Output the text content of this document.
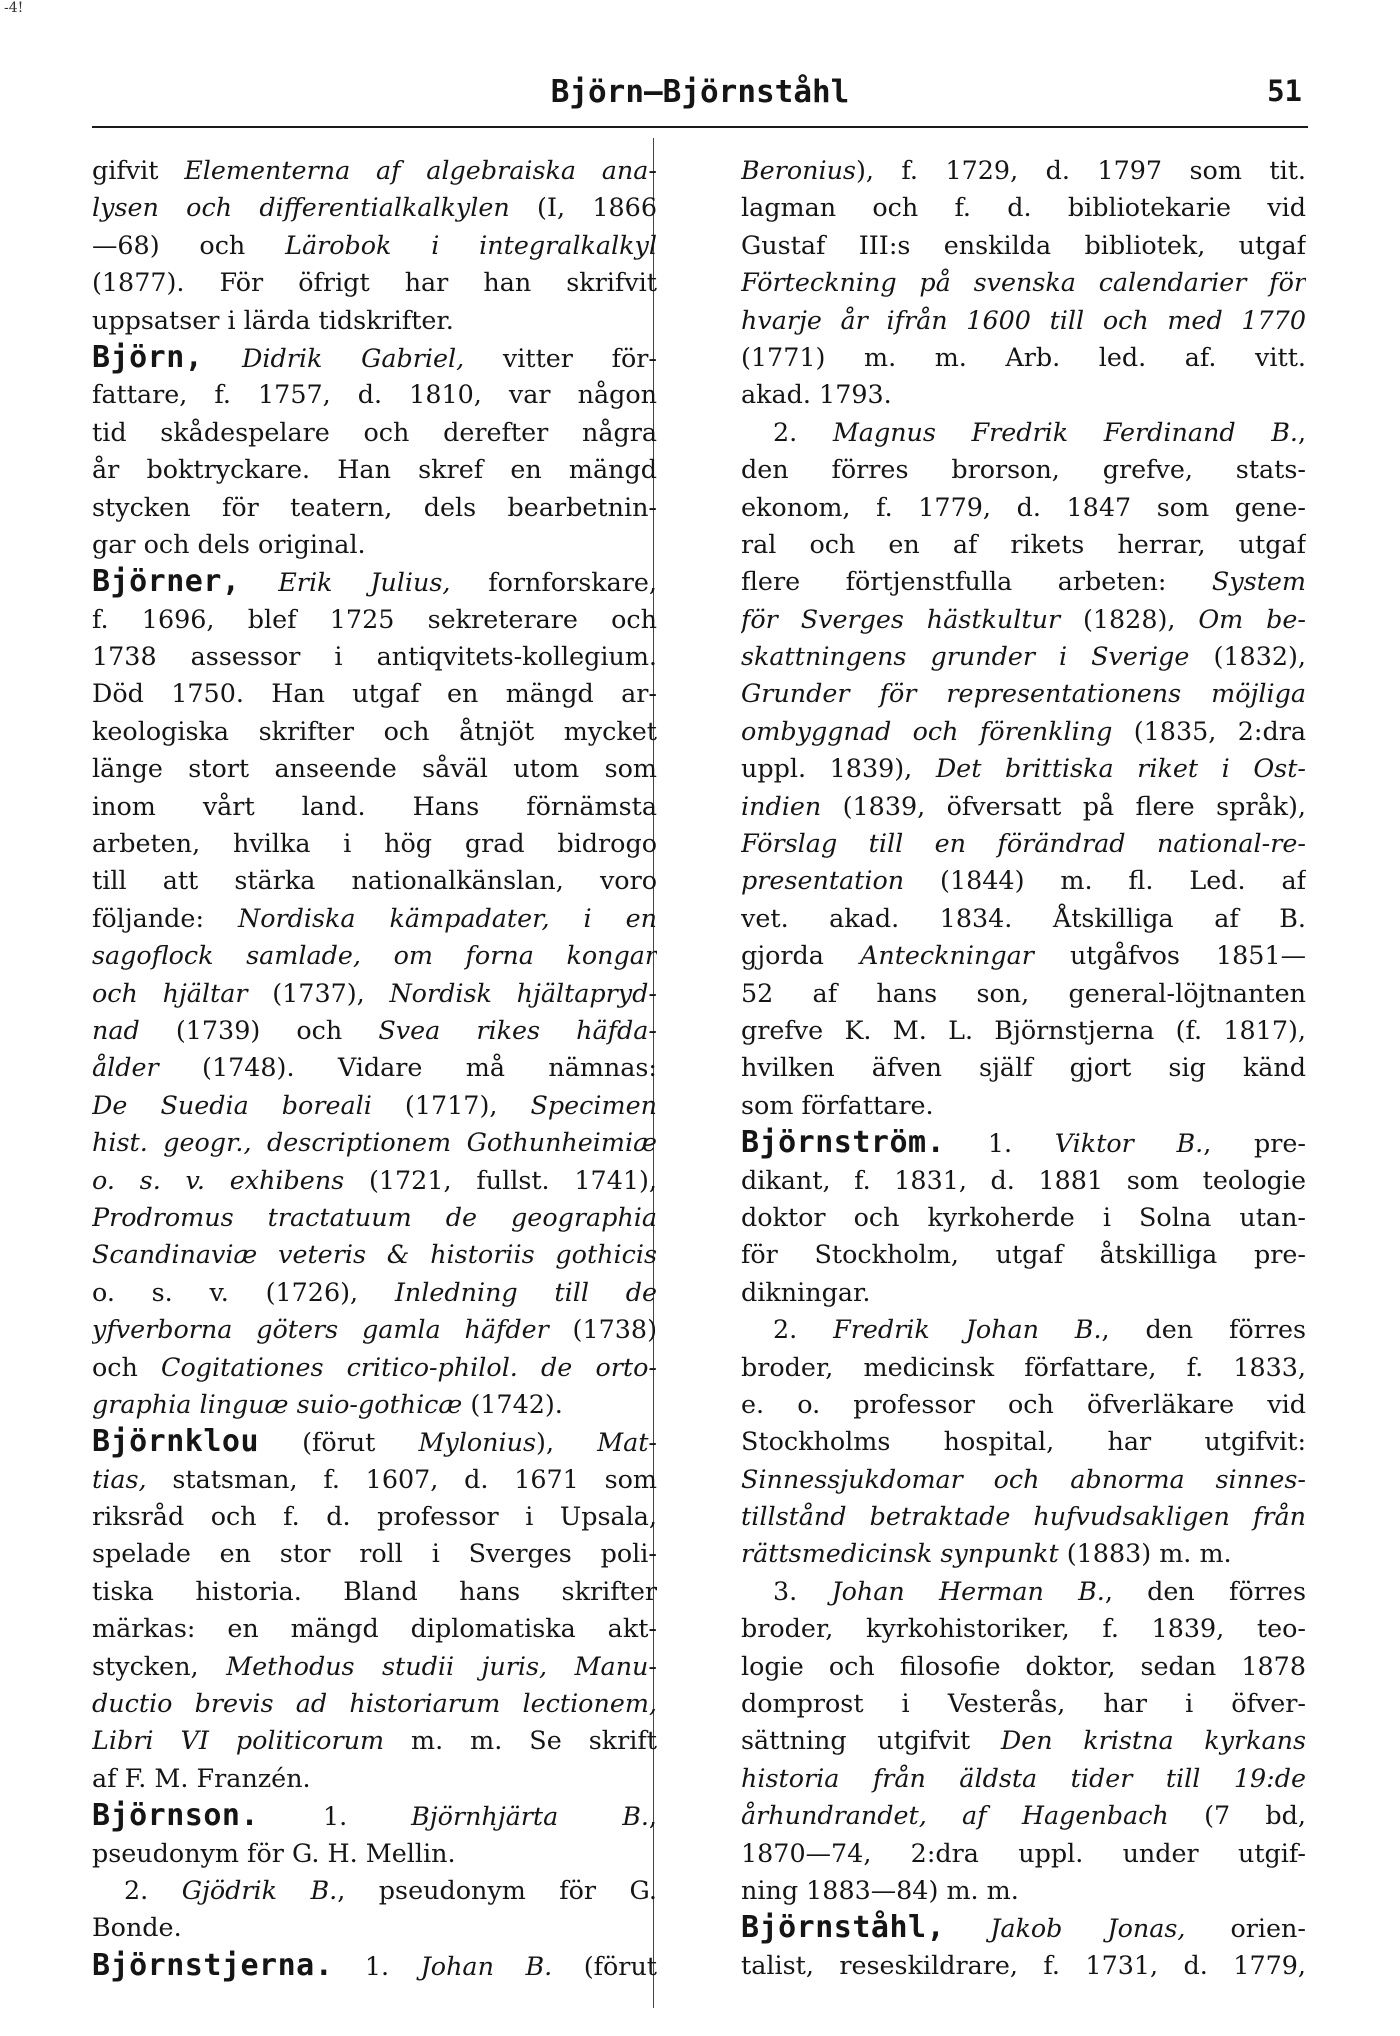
-4!
Björn—Björnståhl	51
gifvit Elementerna af algebraiska ana-
lysen och differentialkalkylen (I, 1866
—68) och Lärobok i integralkalkyl
(1877). För öfrigt har han skrifvit
uppsatser i lärda tidskrifter.
Björn, Didrik Gabriel, vitter för-
fattare, f. 1757, d. 1810, var någon
tid skådespelare och derefter några
år boktryckare. Han skref en mängd
stycken för teatern, dels bearbetnin-
gar och dels original.
Björner, Erik Julius, fornforskare,
f. 1696, blef 1725 sekreterare och
1738 assessor i antiqvitets-kollegium.
Död 1750. Han utgaf en mängd ar-
keologiska skrifter och åtnjöt mycket
länge stort anseende såväl utom som
inom vårt land. Hans förnämsta
arbeten, hvilka i hög grad bidrogo
till att stärka nationalkänslan, voro
följande: Nordiska kämpadater, i en
sagoflock samlade, om forna kongar
och hjältar (1737), Nordisk hjältapryd-
nad (1739) och Svea rikes häfda-
ålder (1748). Vidare må nämnas:
De Suedia boreali (1717), Specimen
hist. geogr., descriptionem Gothunheimiæ
o. s. v. exhibens (1721, fullst. 1741),
Prodromus tractatuum de geographia
Scandinaviæ veteris & historiis gothicis
o. s. v. (1726), Inledning till de
yfverborna göters gamla häfder (1738)
och Cogitationes critico-philol. de orto-
graphia linguæ suio-gothicæ (1742).
Björnklou (förut Mylonius), Mat-
tias, statsman, f. 1607, d. 1671 som
riksråd och f. d. professor i Upsala,
spelade en stor roll i Sverges poli-
tiska historia. Bland hans skrifter
märkas: en mängd diplomatiska akt-
stycken, Methodus studii juris, Manu-
ductio brevis ad historiarum lectionem,
Libri VI politicorum m. m. Se skrift
af F. M. Franzén.
Björnson. 1. Björnhjärta B.,
pseudonym för G. H. Mellin.
2. Gjödrik B., pseudonym för G.
Bonde.
Björnstjerna. 1. Johan B. (förut
Beronius), f. 1729, d. 1797 som tit.
lagman och f. d. bibliotekarie vid
Gustaf III:s enskilda bibliotek, utgaf
Förteckning på svenska calendarier för
hvarje år ifrån 1600 till och med 1770
(1771) m. m. Arb. led. af. vitt.
akad. 1793.
2. Magnus Fredrik Ferdinand B.,
den förres brorson, grefve, stats-
ekonom, f. 1779, d. 1847 som gene-
ral och en af rikets herrar, utgaf
flere förtjenstfulla arbeten: System
för Sverges hästkultur (1828), Om be-
skattningens grunder i Sverige (1832),
Grunder för representationens möjliga
ombyggnad och förenkling (1835, 2:dra
uppl. 1839), Det brittiska riket i Ost-
indien (1839, öfversatt på flere språk),
Förslag till en förändrad national-re-
presentation (1844) m. fl. Led. af
vet. akad. 1834. Åtskilliga af B.
gjorda Anteckningar utgåfvos 1851—
52 af hans son, general-löjtnanten
grefve K. M. L. Björnstjerna (f. 1817),
hvilken äfven själf gjort sig känd
som författare.
Björnström. 1. Viktor B., pre-
dikant, f. 1831, d. 1881 som teologie
doktor och kyrkoherde i Solna utan-
för Stockholm, utgaf åtskilliga pre-
dikningar.
2. Fredrik Johan B., den förres
broder, medicinsk författare, f. 1833,
e. o. professor och öfverläkare vid
Stockholms hospital, har utgifvit:
Sinnessjukdomar och abnorma sinnes-
tillstånd betraktade hufvudsakligen från
rättsmedicinsk synpunkt (1883) m. m.
3. Johan Herman B., den förres
broder, kyrkohistoriker, f. 1839, teo-
logie och filosofie doktor, sedan 1878
domprost i Vesterås, har i öfver-
sättning utgifvit Den kristna kyrkans
historia från äldsta tider till 19:de
århundrandet, af Hagenbach (7 bd,
1870—74, 2:dra uppl. under utgif-
ning 1883—84) m. m.
Björnståhl, Jakob Jonas, orien-
talist, reseskildrare, f. 1731, d. 1779,
